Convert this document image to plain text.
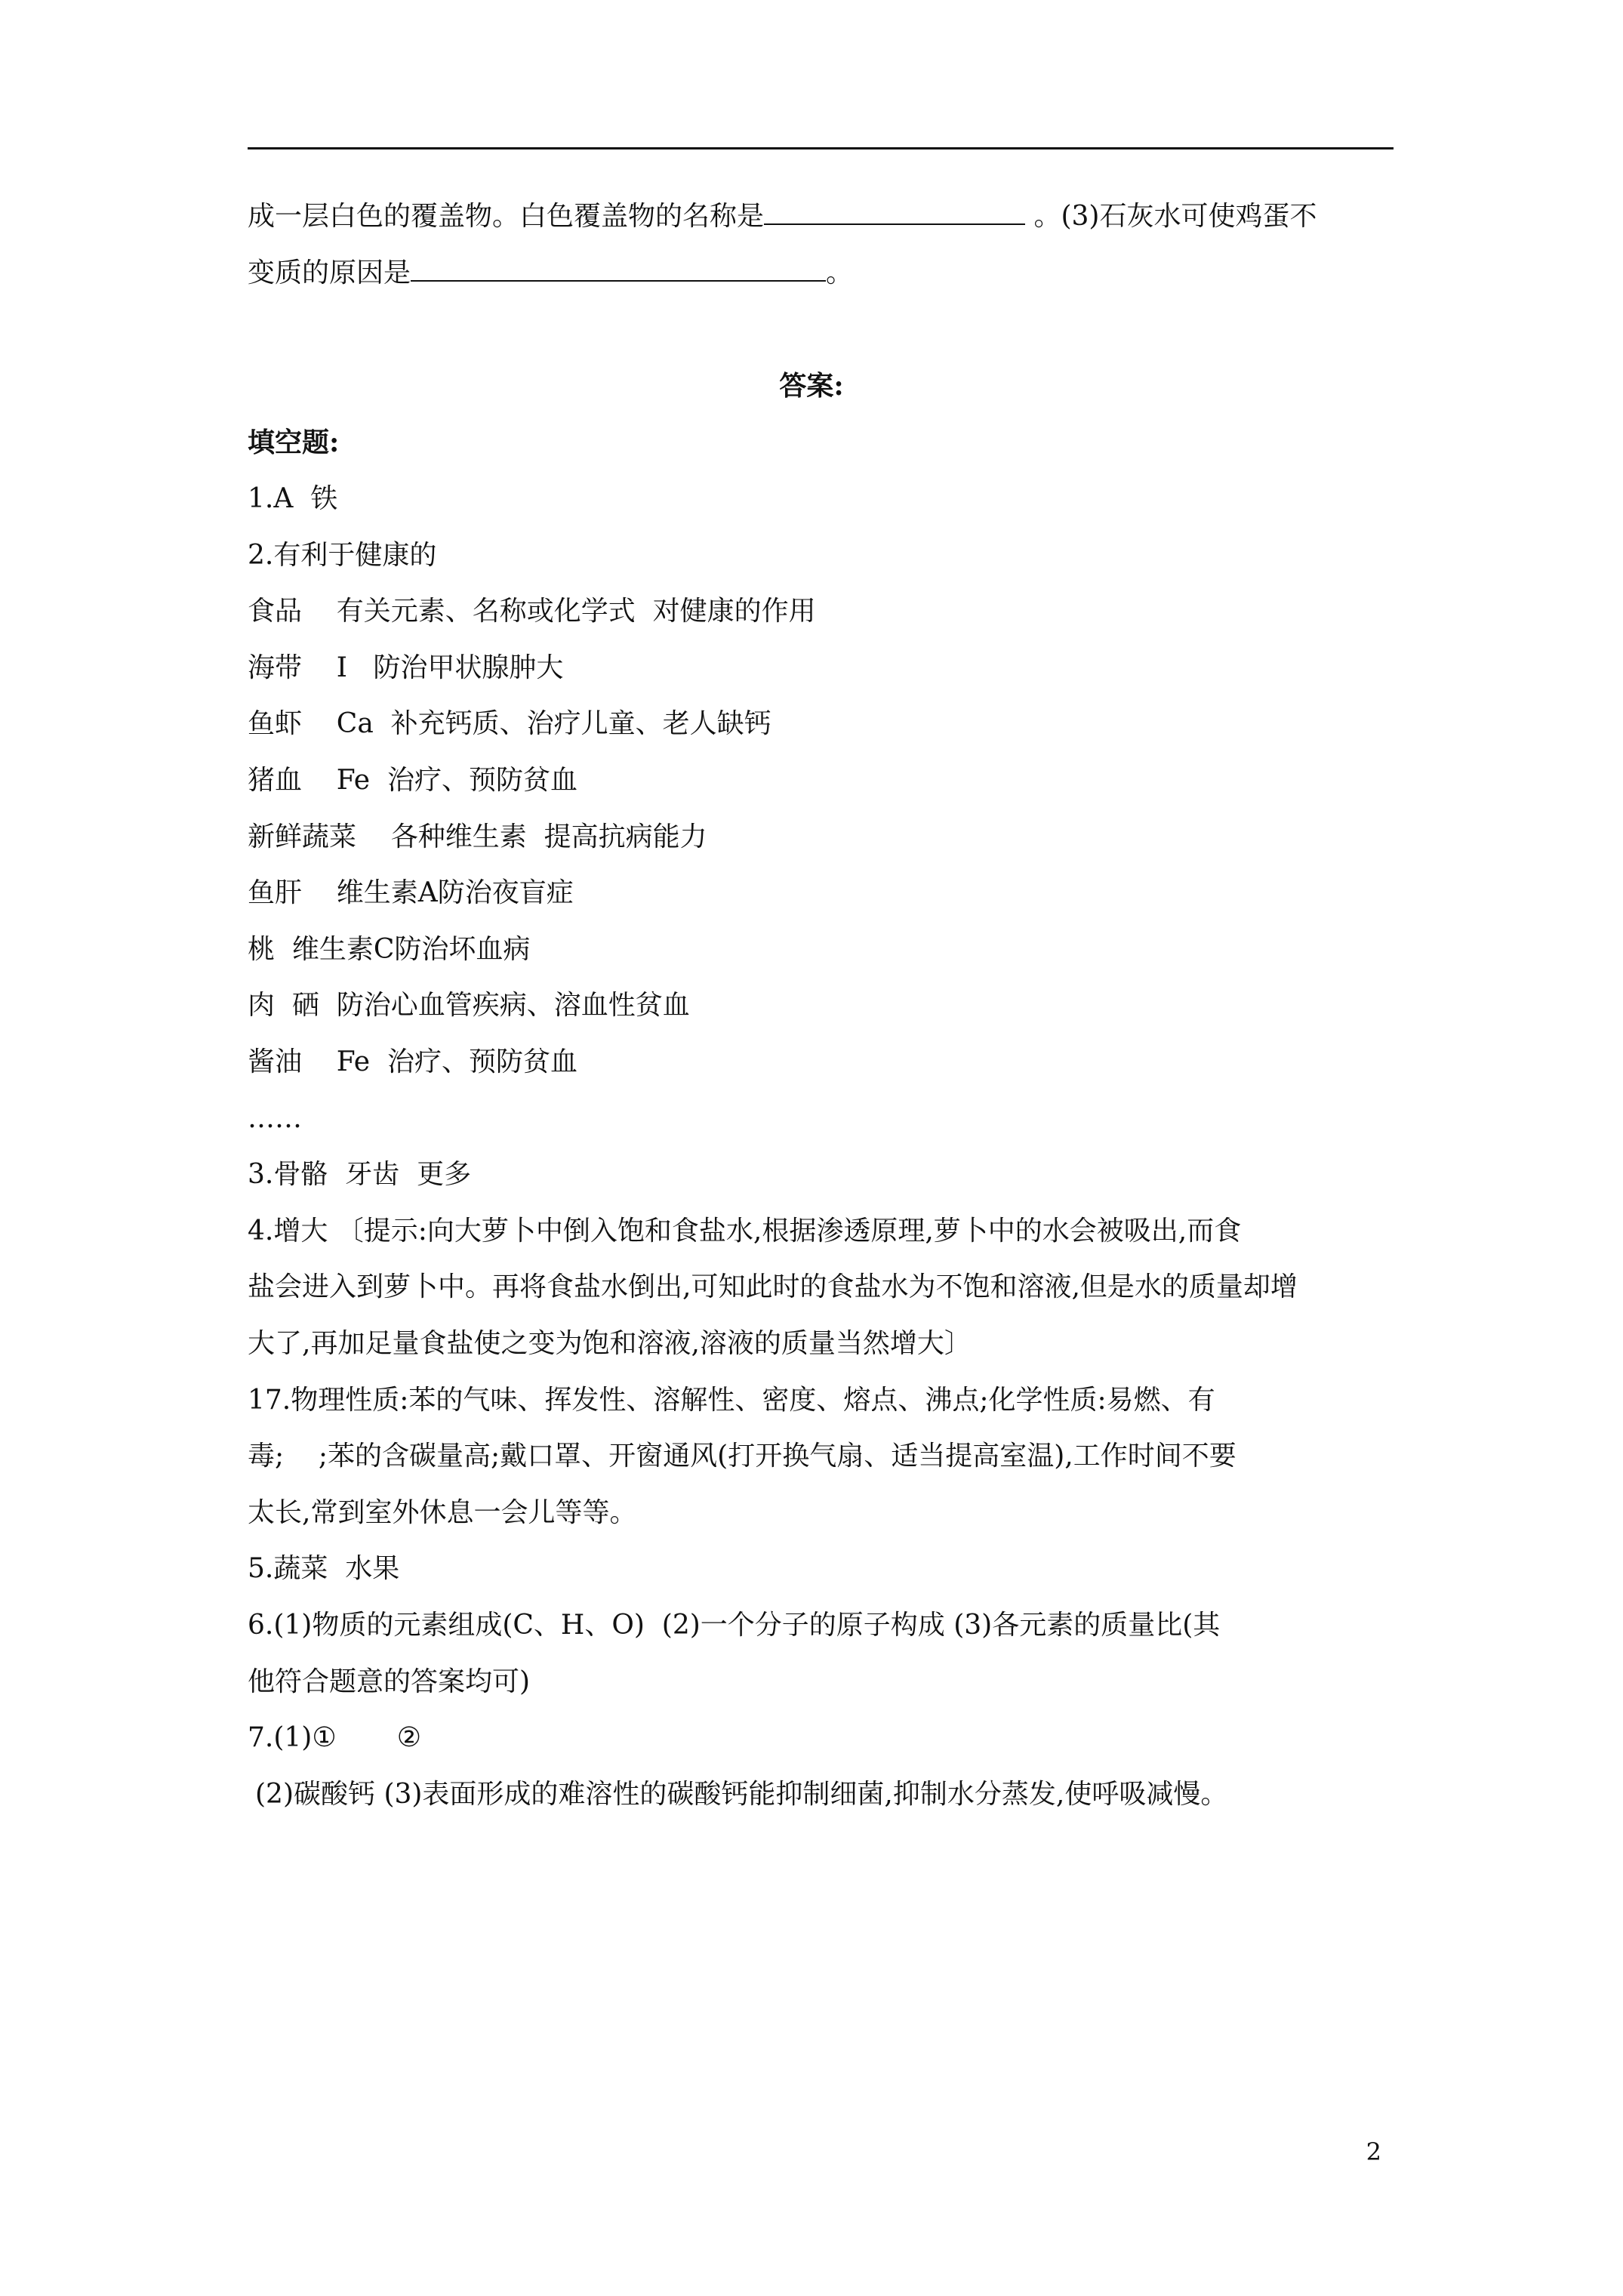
成一层白色的覆盖物。白色覆盖物的名称是	。(3)石灰水可使鸡蛋不
变质的原因是	。
答案:
填空题:
1.A  铁
2.有利于健康的
食品    有关元素、名称或化学式  对健康的作用
海带    I   防治甲状腺肿大
鱼虾    Ca  补充钙质、治疗儿童、老人缺钙
猪血    Fe  治疗、预防贫血
新鲜蔬菜    各种维生素  提高抗病能力
鱼肝    维生素A防治夜盲症
桃  维生素C防治坏血病
肉  硒  防治心血管疾病、溶血性贫血
酱油    Fe  治疗、预防贫血
……
3.骨骼  牙齿  更多
4.增大 〔提示:向大萝卜中倒入饱和食盐水,根据渗透原理,萝卜中的水会被吸出,而食
盐会进入到萝卜中。再将食盐水倒出,可知此时的食盐水为不饱和溶液,但是水的质量却增
大了,再加足量食盐使之变为饱和溶液,溶液的质量当然增大〕
17.物理性质:苯的气味、挥发性、溶解性、密度、熔点、沸点;化学性质:易燃、有
毒;    ;苯的含碳量高;戴口罩、开窗通风(打开换气扇、适当提高室温),工作时间不要
太长,常到室外休息一会儿等等。
5.蔬菜  水果
6.(1)物质的元素组成(C、H、O)  (2)一个分子的原子构成 (3)各元素的质量比(其
他符合题意的答案均可)
7.(1)①       ②
(2)碳酸钙 (3)表面形成的难溶性的碳酸钙能抑制细菌,抑制水分蒸发,使呼吸减慢。
2
